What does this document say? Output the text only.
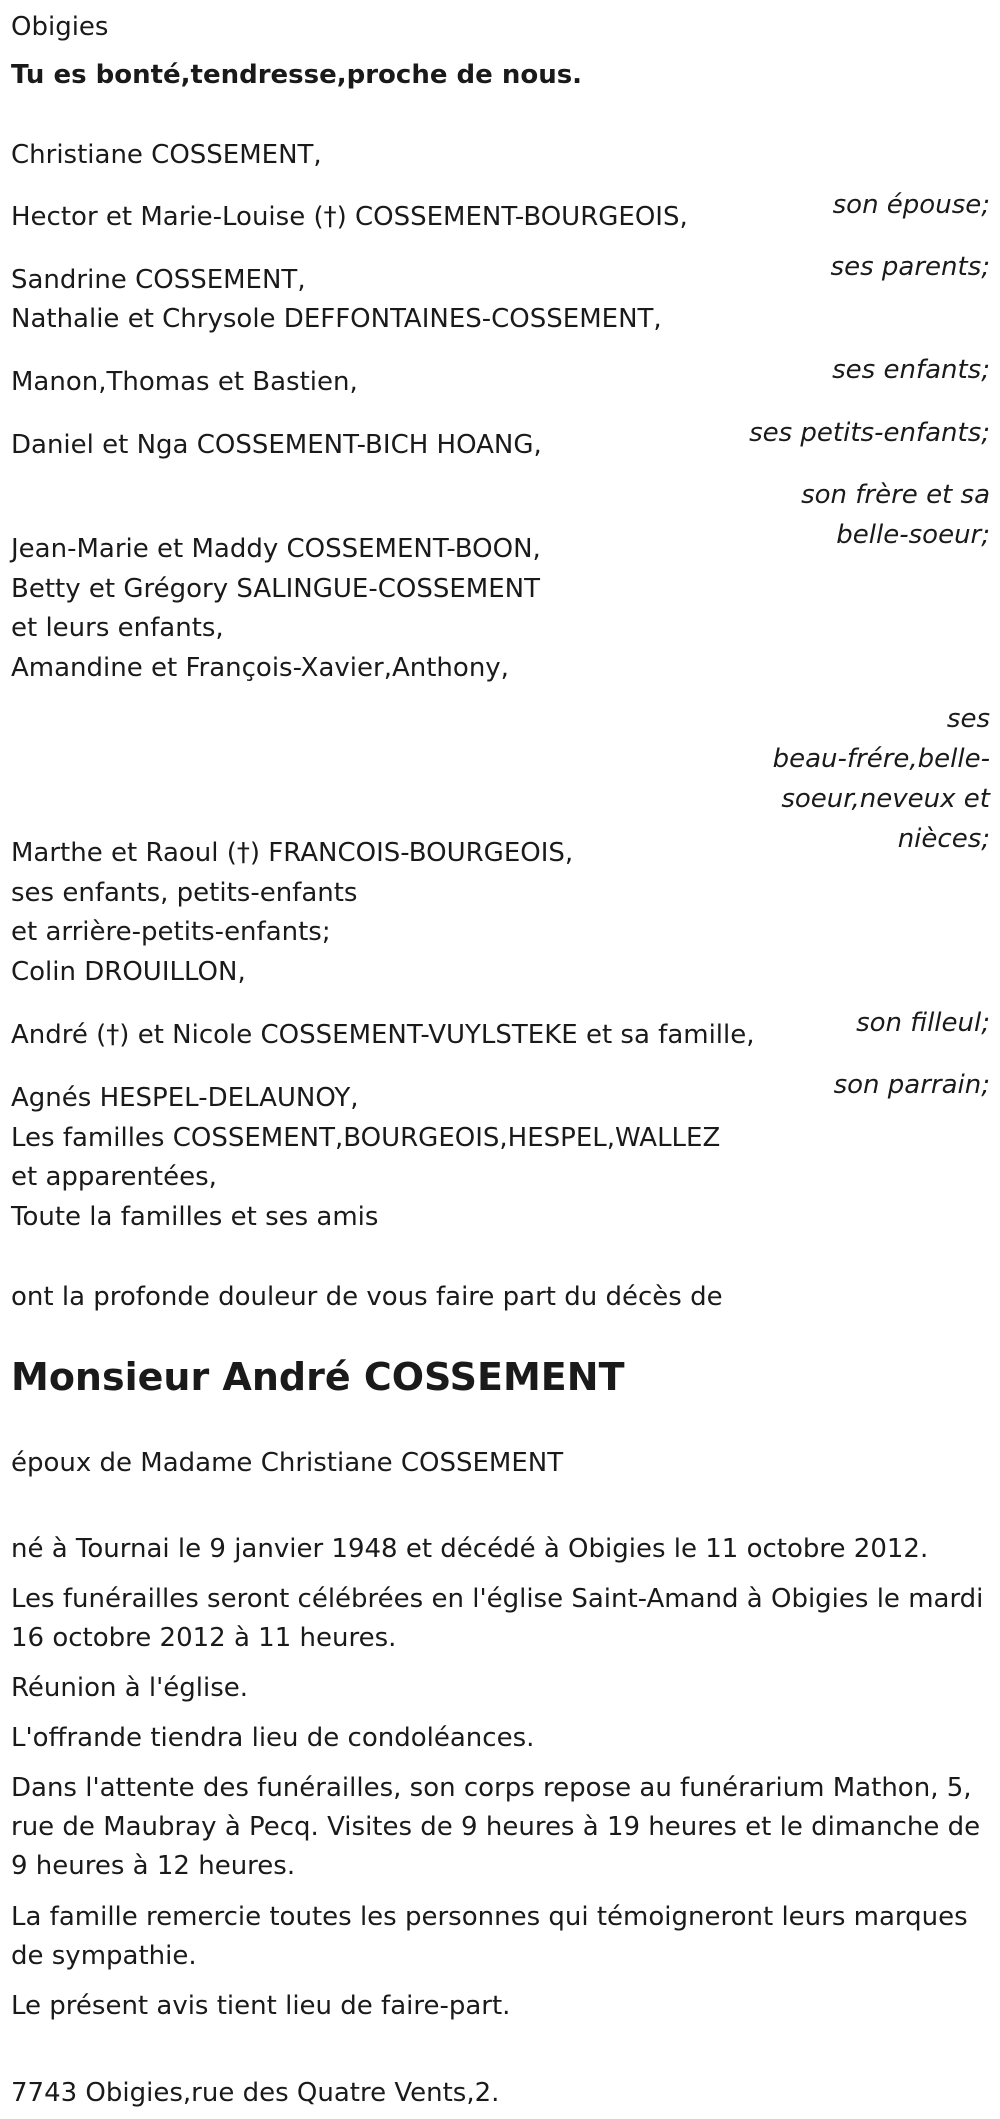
Obigies

Tu es bonté,tendresse,proche de nous.

Christiane COSSEMENT,

son épouse;

Hector et Marie-Louise (†) COSSEMENT-BOURGEOIS,

ses parents;

Sandrine COSSEMENT,

Nathalie et Chrysole DEFFONTAINES-COSSEMENT,

ses enfants;

Manon,Thomas et Bastien,

ses petits-enfants;

Daniel et Nga COSSEMENT-BICH HOANG,

son frère et sa

belle-soeur;

Jean-Marie et Maddy COSSEMENT-BOON,

Betty et Grégory SALINGUE-COSSEMENT

et leurs enfants,

Amandine et François-Xavier,Anthony,

ses

beau-frére,belle-

soeur,neveux et

nièces;

Marthe et Raoul (†) FRANCOIS-BOURGEOIS,

ses enfants, petits-enfants

et arrière-petits-enfants;

Colin DROUILLON,

son filleul;

André (†) et Nicole COSSEMENT-VUYLSTEKE et sa famille,

son parrain;

Agnés HESPEL-DELAUNOY,

Les familles COSSEMENT,BOURGEOIS,HESPEL,WALLEZ

et apparentées,

Toute la familles et ses amis

ont la profonde douleur de vous faire part du décès de

Monsieur André COSSEMENT

époux de Madame Christiane COSSEMENT

né à Tournai le 9 janvier 1948 et décédé à Obigies le 11 octobre 2012.

Les funérailles seront célébrées en l'église Saint-Amand à Obigies le mardi 16 octobre 2012 à 11 heures.

Réunion à l'église.

L'offrande tiendra lieu de condoléances.

Dans l'attente des funérailles, son corps repose au funérarium Mathon, 5, rue de Maubray à Pecq. Visites de 9 heures à 19 heures et le dimanche de 9 heures à 12 heures.

La famille remercie toutes les personnes qui témoigneront leurs marques de sympathie.

Le présent avis tient lieu de faire-part.

7743 Obigies,rue des Quatre Vents,2.
